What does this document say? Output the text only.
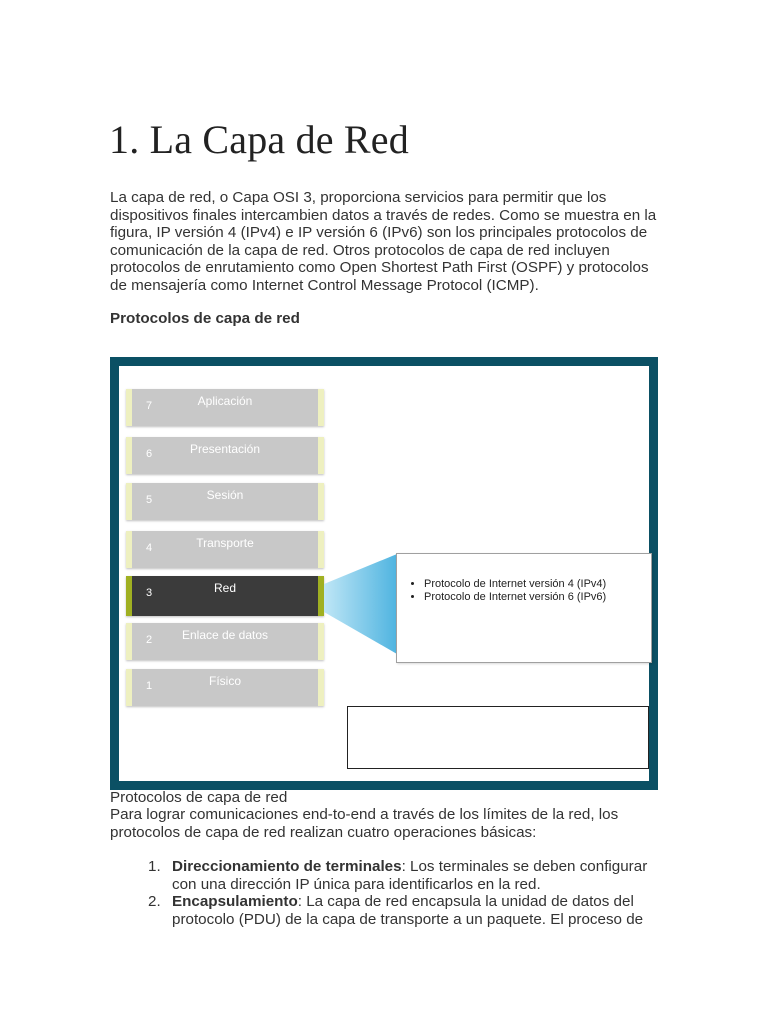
1. La Capa de Red

La capa de red, o Capa OSI 3, proporciona servicios para permitir que los dispositivos finales intercambien datos a través de redes. Como se muestra en la figura, IP versión 4 (IPv4) e IP versión 6 (IPv6) son los principales protocolos de comunicación de la capa de red. Otros protocolos de capa de red incluyen protocolos de enrutamiento como Open Shortest Path First (OSPF) y protocolos de mensajería como Internet Control Message Protocol (ICMP).

Protocolos de capa de red

7	Aplicación
6	Presentación
5	Sesión
4	Transporte
3	Red
2	Enlace de datos
1	Físico
• Protocolo de Internet versión 4 (IPv4)
• Protocolo de Internet versión 6 (IPv6)

Protocolos de capa de red

Para lograr comunicaciones end-to-end a través de los límites de la red, los protocolos de capa de red realizan cuatro operaciones básicas:

1. Direccionamiento de terminales: Los terminales se deben configurar con una dirección IP única para identificarlos en la red.
2. Encapsulamiento: La capa de red encapsula la unidad de datos del protocolo (PDU) de la capa de transporte a un paquete. El proceso de
